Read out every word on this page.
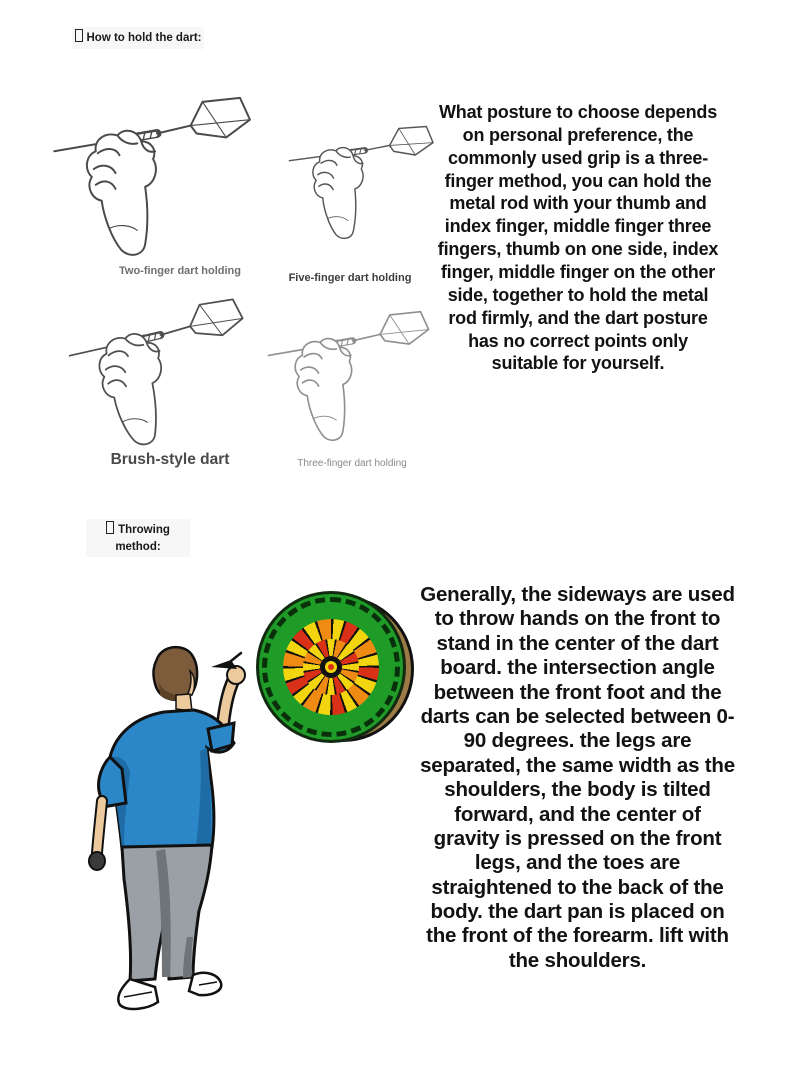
How to hold the dart:
Two-finger dart holding
Five-finger dart holding
Brush-style dart	Three-finger dart holding
What posture to choose depends on personal preference, the commonly used grip is a three-finger method, you can hold the metal rod with your thumb and index finger, middle finger three fingers, thumb on one side, index finger, middle finger on the other side, together to hold the metal rod firmly, and the dart posture has no correct points only suitable for yourself.
Throwing method:
Generally, the sideways are used to throw hands on the front to stand in the center of the dart board. the intersection angle between the front foot and the darts can be selected between 0-90 degrees. the legs are separated, the same width as the shoulders, the body is tilted forward, and the center of gravity is pressed on the front legs, and the toes are straightened to the back of the body. the dart pan is placed on the front of the forearm. lift with the shoulders.
